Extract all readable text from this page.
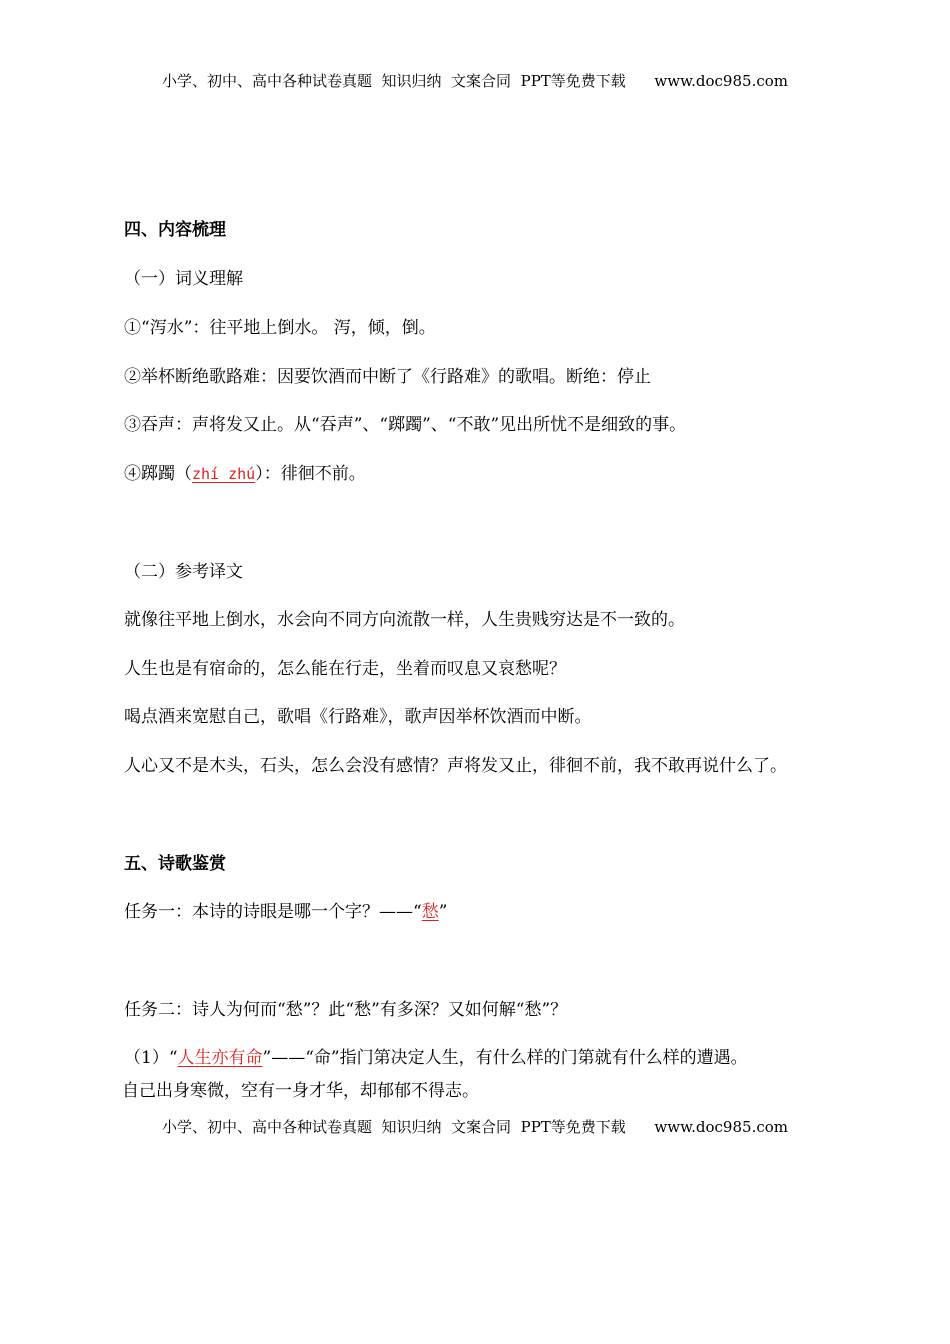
小学、初中、高中各种试卷真题  知识归纳  文案合同  PPT等免费下载      www.doc985.com
四、内容梳理
（一）词义理解
①“泻水”：往平地上倒水。 泻，倾，倒。
②举杯断绝歌路难：因要饮酒而中断了《行路难》的歌唱。断绝：停止
③吞声：声将发又止。从“吞声”、“踯躅”、“不敢”见出所忧不是细致的事。
④踯躅（zhí zhú）：徘徊不前。
（二）参考译文
就像往平地上倒水，水会向不同方向流散一样，人生贵贱穷达是不一致的。
人生也是有宿命的，怎么能在行走，坐着而叹息又哀愁呢？
喝点酒来宽慰自己，歌唱《行路难》，歌声因举杯饮酒而中断。
人心又不是木头，石头，怎么会没有感情？声将发又止，徘徊不前，我不敢再说什么了。
五、诗歌鉴赏
任务一：本诗的诗眼是哪一个字？——“愁”
任务二：诗人为何而“愁”？此“愁”有多深？又如何解“愁”？
（1）“人生亦有命”——“命”指门第决定人生，有什么样的门第就有什么样的遭遇。
自己出身寒微，空有一身才华，却郁郁不得志。
小学、初中、高中各种试卷真题  知识归纳  文案合同  PPT等免费下载      www.doc985.com
